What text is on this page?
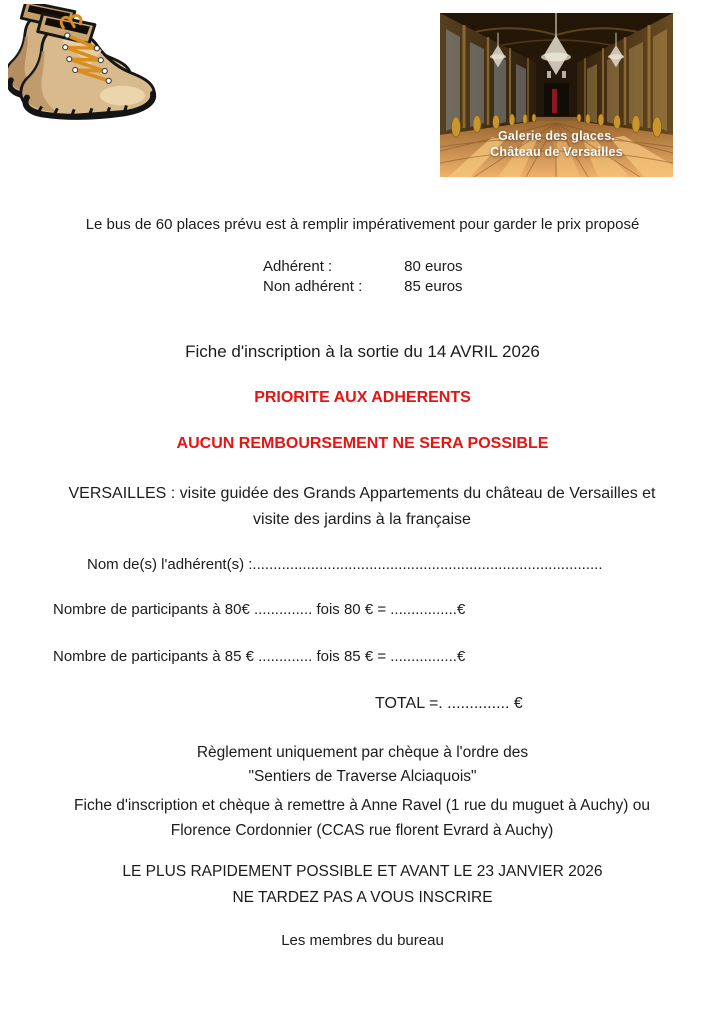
Galerie des glaces.
Château de Versailles
Le bus de 60 places prévu est à remplir impérativement pour garder le prix proposé
Adhérent :	80 euros
Non adhérent :	85 euros
Fiche d'inscription à la sortie du 14 AVRIL 2026
PRIORITE AUX ADHERENTS
AUCUN REMBOURSEMENT NE SERA POSSIBLE
VERSAILLES : visite guidée des Grands Appartements du château de Versailles et visite des jardins à la française
Nom de(s) l'adhérent(s) :....................................................................................
Nombre de participants à 80€ .............. fois 80 € = ................€
Nombre de participants à 85 € ............. fois 85 € = ................€
TOTAL =. .............. €
Règlement uniquement par chèque à l'ordre des
"Sentiers de Traverse Alciaquois"
Fiche d'inscription et chèque à remettre à Anne Ravel (1 rue du muguet à Auchy) ou Florence Cordonnier (CCAS rue florent Evrard à Auchy)
LE PLUS RAPIDEMENT POSSIBLE ET AVANT LE 23 JANVIER 2026
NE TARDEZ PAS A VOUS INSCRIRE
Les membres du bureau
